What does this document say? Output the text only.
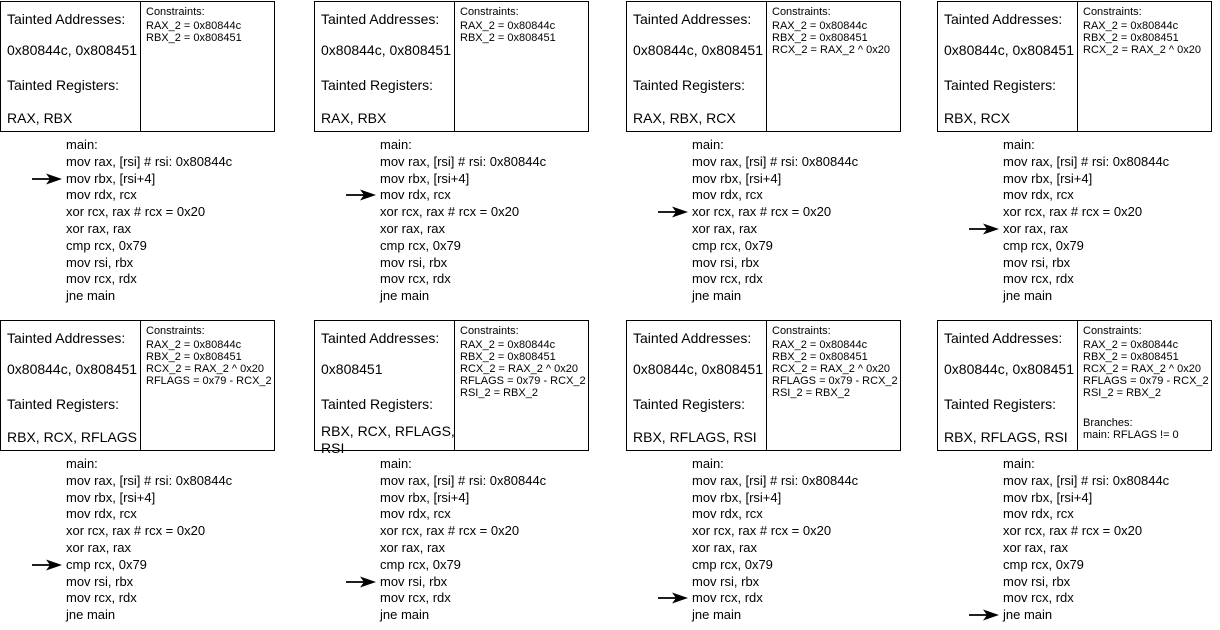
Tainted Addresses:
0x80844c, 0x808451
Tainted Registers:
RAX, RBX
Constraints:
RAX_2 = 0x80844c
RBX_2 = 0x808451
main:
mov rax, [rsi] # rsi: 0x80844c
mov rbx, [rsi+4]
mov rdx, rcx
xor rcx, rax # rcx = 0x20
xor rax, rax
cmp rcx, 0x79
mov rsi, rbx
mov rcx, rdx
jne main
Tainted Addresses:
0x80844c, 0x808451
Tainted Registers:
RAX, RBX
Constraints:
RAX_2 = 0x80844c
RBX_2 = 0x808451
main:
mov rax, [rsi] # rsi: 0x80844c
mov rbx, [rsi+4]
mov rdx, rcx
xor rcx, rax # rcx = 0x20
xor rax, rax
cmp rcx, 0x79
mov rsi, rbx
mov rcx, rdx
jne main
Tainted Addresses:
0x80844c, 0x808451
Tainted Registers:
RAX, RBX, RCX
Constraints:
RAX_2 = 0x80844c
RBX_2 = 0x808451
RCX_2 = RAX_2 ^ 0x20
main:
mov rax, [rsi] # rsi: 0x80844c
mov rbx, [rsi+4]
mov rdx, rcx
xor rcx, rax # rcx = 0x20
xor rax, rax
cmp rcx, 0x79
mov rsi, rbx
mov rcx, rdx
jne main
Tainted Addresses:
0x80844c, 0x808451
Tainted Registers:
RBX, RCX
Constraints:
RAX_2 = 0x80844c
RBX_2 = 0x808451
RCX_2 = RAX_2 ^ 0x20
main:
mov rax, [rsi] # rsi: 0x80844c
mov rbx, [rsi+4]
mov rdx, rcx
xor rcx, rax # rcx = 0x20
xor rax, rax
cmp rcx, 0x79
mov rsi, rbx
mov rcx, rdx
jne main
Tainted Addresses:
0x80844c, 0x808451
Tainted Registers:
RBX, RCX, RFLAGS
Constraints:
RAX_2 = 0x80844c
RBX_2 = 0x808451
RCX_2 = RAX_2 ^ 0x20
RFLAGS = 0x79 - RCX_2
main:
mov rax, [rsi] # rsi: 0x80844c
mov rbx, [rsi+4]
mov rdx, rcx
xor rcx, rax # rcx = 0x20
xor rax, rax
cmp rcx, 0x79
mov rsi, rbx
mov rcx, rdx
jne main
Tainted Addresses:
0x808451
Tainted Registers:
RBX, RCX, RFLAGS,
RSI
Constraints:
RAX_2 = 0x80844c
RBX_2 = 0x808451
RCX_2 = RAX_2 ^ 0x20
RFLAGS = 0x79 - RCX_2
RSI_2 = RBX_2
main:
mov rax, [rsi] # rsi: 0x80844c
mov rbx, [rsi+4]
mov rdx, rcx
xor rcx, rax # rcx = 0x20
xor rax, rax
cmp rcx, 0x79
mov rsi, rbx
mov rcx, rdx
jne main
Tainted Addresses:
0x80844c, 0x808451
Tainted Registers:
RBX, RFLAGS, RSI
Constraints:
RAX_2 = 0x80844c
RBX_2 = 0x808451
RCX_2 = RAX_2 ^ 0x20
RFLAGS = 0x79 - RCX_2
RSI_2 = RBX_2
main:
mov rax, [rsi] # rsi: 0x80844c
mov rbx, [rsi+4]
mov rdx, rcx
xor rcx, rax # rcx = 0x20
xor rax, rax
cmp rcx, 0x79
mov rsi, rbx
mov rcx, rdx
jne main
Tainted Addresses:
0x80844c, 0x808451
Tainted Registers:
RBX, RFLAGS, RSI
Constraints:
RAX_2 = 0x80844c
RBX_2 = 0x808451
RCX_2 = RAX_2 ^ 0x20
RFLAGS = 0x79 - RCX_2
RSI_2 = RBX_2
Branches:
main: RFLAGS != 0
main:
mov rax, [rsi] # rsi: 0x80844c
mov rbx, [rsi+4]
mov rdx, rcx
xor rcx, rax # rcx = 0x20
xor rax, rax
cmp rcx, 0x79
mov rsi, rbx
mov rcx, rdx
jne main
